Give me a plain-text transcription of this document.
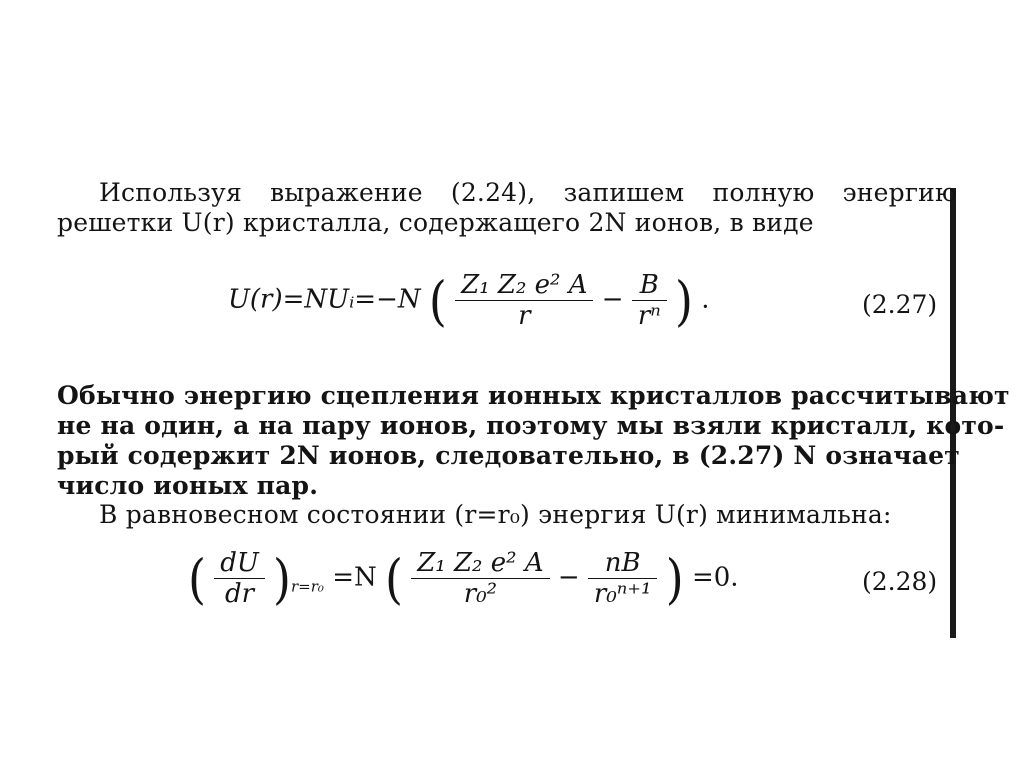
Используя выражение (2.24), запишем полную энергию
решетки U(r) кристалла, содержащего 2N ионов, в виде
U(r)=NUᵢ=−N ( $\frac{\text{Z₁ Z₂ e² A}}{r} - \frac{B}{\text{rⁿ}}$ ) .	(2.27)
Обычно энергию сцепления ионных кристаллов рассчитывают
не на один, а на пару ионов, поэтому мы взяли кристалл, кото-
рый содержит 2N ионов, следовательно, в (2.27) N означает
число ионых пар.
В равновесном состоянии (r=r₀) энергия U(r) минимальна:
( $\frac{dU}{dr} )_{r=r_0} =N$ ( $\frac{\text{Z₁ Z₂ e² A}}{\text{r₀²}} - \frac{nB}{\text{r₀ⁿ⁺¹}}$ ) =0.	(2.28)
